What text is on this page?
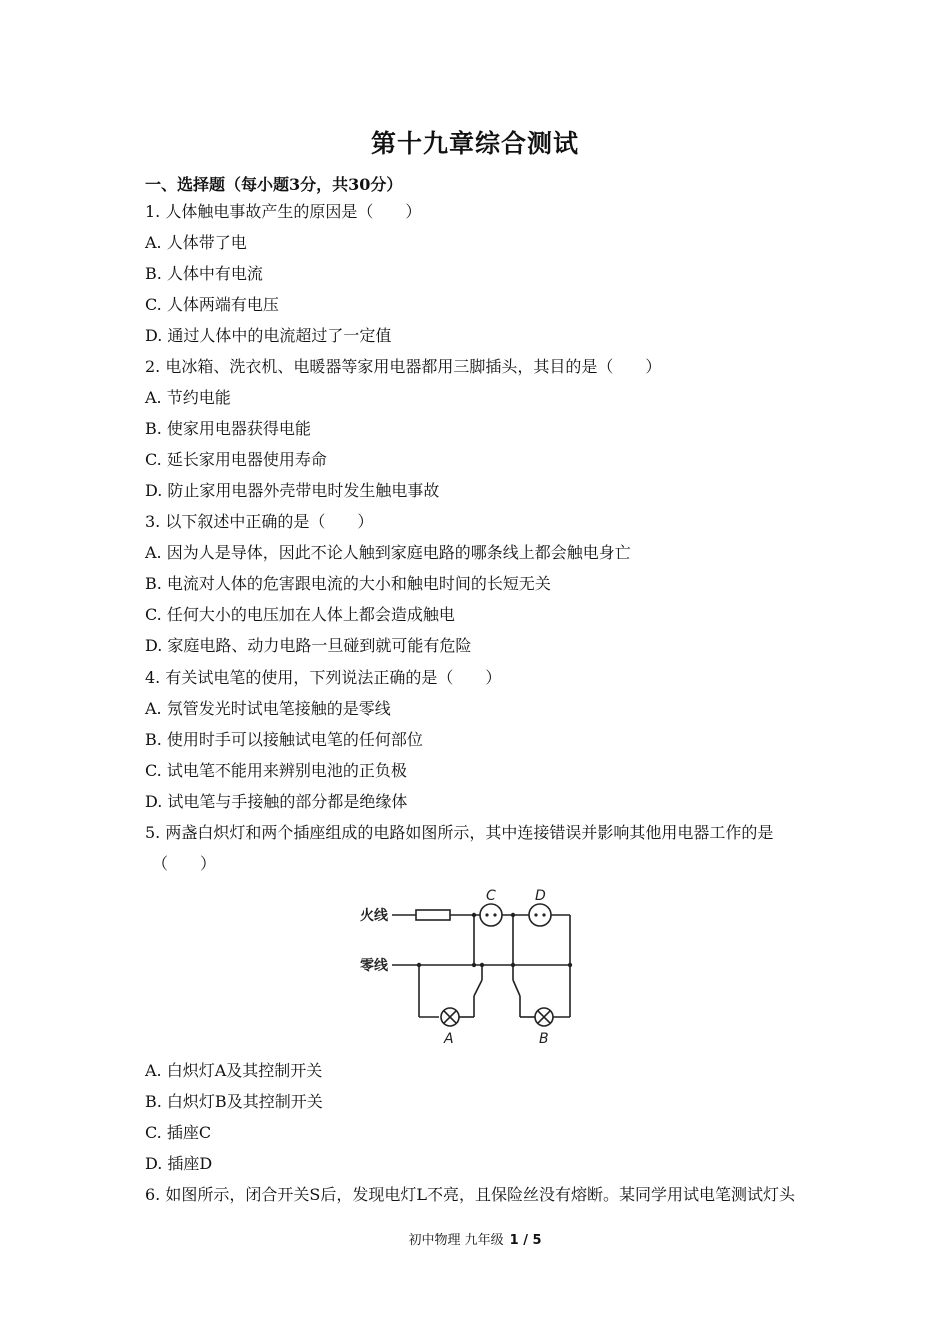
第十九章综合测试
一、选择题（每小题3分，共30分）
1. 人体触电事故产生的原因是（　　）
A. 人体带了电
B. 人体中有电流
C. 人体两端有电压
D. 通过人体中的电流超过了一定值
2. 电冰箱、洗衣机、电暖器等家用电器都用三脚插头，其目的是（　　）
A. 节约电能
B. 使家用电器获得电能
C. 延长家用电器使用寿命
D. 防止家用电器外壳带电时发生触电事故
3. 以下叙述中正确的是（　　）
A. 因为人是导体，因此不论人触到家庭电路的哪条线上都会触电身亡
B. 电流对人体的危害跟电流的大小和触电时间的长短无关
C. 任何大小的电压加在人体上都会造成触电
D. 家庭电路、动力电路一旦碰到就可能有危险
4. 有关试电笔的使用，下列说法正确的是（　　）
A. 氖管发光时试电笔接触的是零线
B. 使用时手可以接触试电笔的任何部位
C. 试电笔不能用来辨别电池的正负极
D. 试电笔与手接触的部分都是绝缘体
5. 两盏白炽灯和两个插座组成的电路如图所示，其中连接错误并影响其他用电器工作的是
（　　）
火线
零线
C	D
A	B
A. 白炽灯A及其控制开关
B. 白炽灯B及其控制开关
C. 插座C
D. 插座D
6. 如图所示，闭合开关S后，发现电灯L不亮，且保险丝没有熔断。某同学用试电笔测试灯头
初中物理 九年级 1 / 5
